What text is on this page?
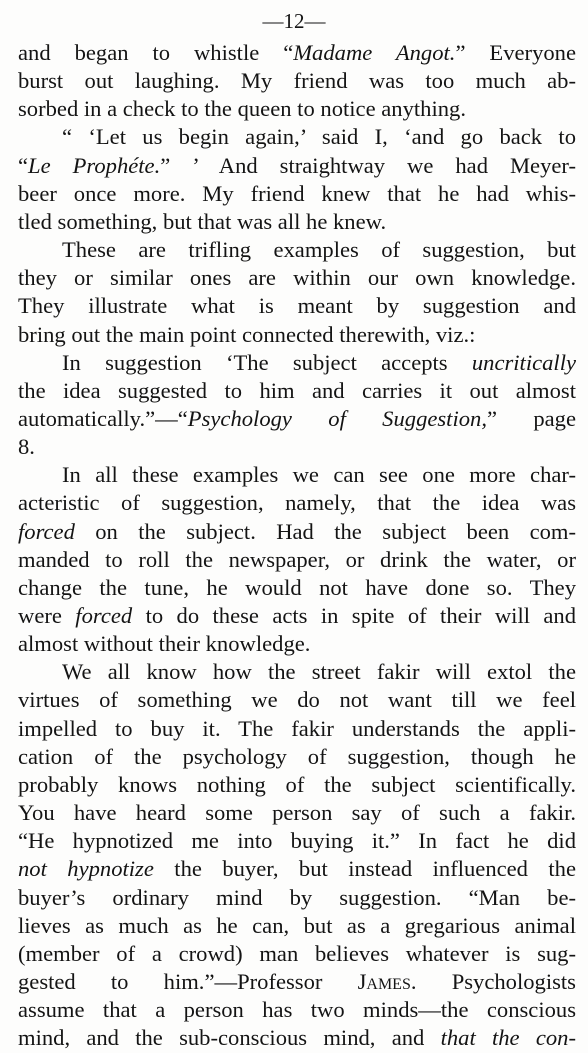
—12—
and began to whistle “Madame Angot.” Everyone
burst out laughing. My friend was too much ab-
sorbed in a check to the queen to notice anything.
“ ‘Let us begin again,’ said I, ‘and go back to
“Le Prophéte.” ’ And straightway we had Meyer-
beer once more. My friend knew that he had whis-
tled something, but that was all he knew.
These are trifling examples of suggestion, but
they or similar ones are within our own knowledge.
They illustrate what is meant by suggestion and
bring out the main point connected therewith, viz.:
In suggestion ‘The subject accepts uncritically
the idea suggested to him and carries it out almost
automatically.”—“Psychology of Suggestion,” page
8.
In all these examples we can see one more char-
acteristic of suggestion, namely, that the idea was
forced on the subject. Had the subject been com-
manded to roll the newspaper, or drink the water, or
change the tune, he would not have done so. They
were forced to do these acts in spite of their will and
almost without their knowledge.
We all know how the street fakir will extol the
virtues of something we do not want till we feel
impelled to buy it. The fakir understands the appli-
cation of the psychology of suggestion, though he
probably knows nothing of the subject scientifically.
You have heard some person say of such a fakir.
“He hypnotized me into buying it.” In fact he did
not hypnotize the buyer, but instead influenced the
buyer’s ordinary mind by suggestion. “Man be-
lieves as much as he can, but as a gregarious animal
(member of a crowd) man believes whatever is sug-
gested to him.”—Professor James. Psychologists
assume that a person has two minds—the conscious
mind, and the sub-conscious mind, and that the con-
